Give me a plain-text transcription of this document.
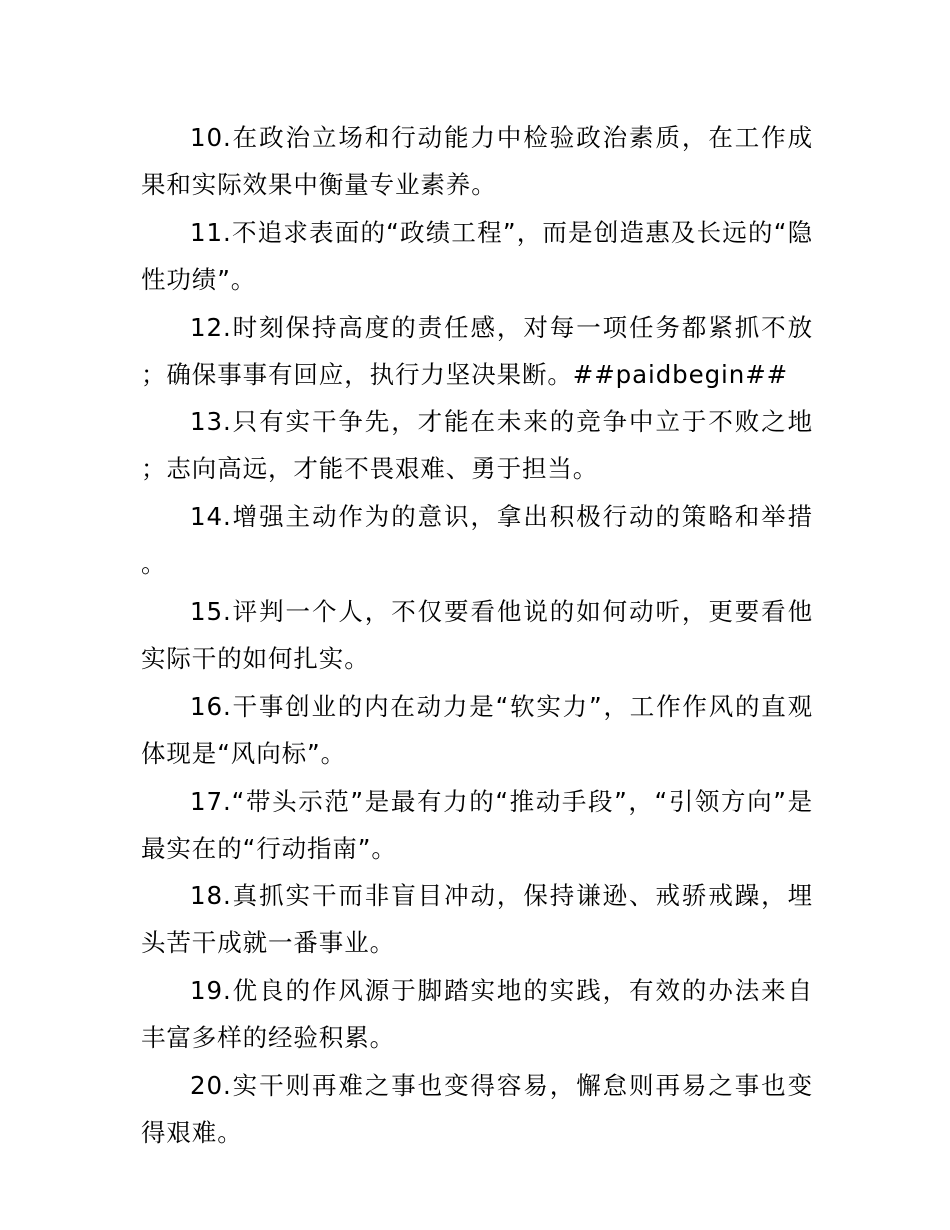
10.在政治立场和行动能力中检验政治素质，在工作成果和实际效果中衡量专业素养。

11.不追求表面的“政绩工程”，而是创造惠及长远的“隐性功绩”。

12.时刻保持高度的责任感，对每一项任务都紧抓不放；确保事事有回应，执行力坚决果断。##paidbegin##

13.只有实干争先，才能在未来的竞争中立于不败之地；志向高远，才能不畏艰难、勇于担当。

14.增强主动作为的意识，拿出积极行动的策略和举措。

15.评判一个人，不仅要看他说的如何动听，更要看他实际干的如何扎实。

16.干事创业的内在动力是“软实力”，工作作风的直观体现是“风向标”。

17.“带头示范”是最有力的“推动手段”，“引领方向”是最实在的“行动指南”。

18.真抓实干而非盲目冲动，保持谦逊、戒骄戒躁，埋头苦干成就一番事业。

19.优良的作风源于脚踏实地的实践，有效的办法来自丰富多样的经验积累。

20.实干则再难之事也变得容易，懈怠则再易之事也变得艰难。
